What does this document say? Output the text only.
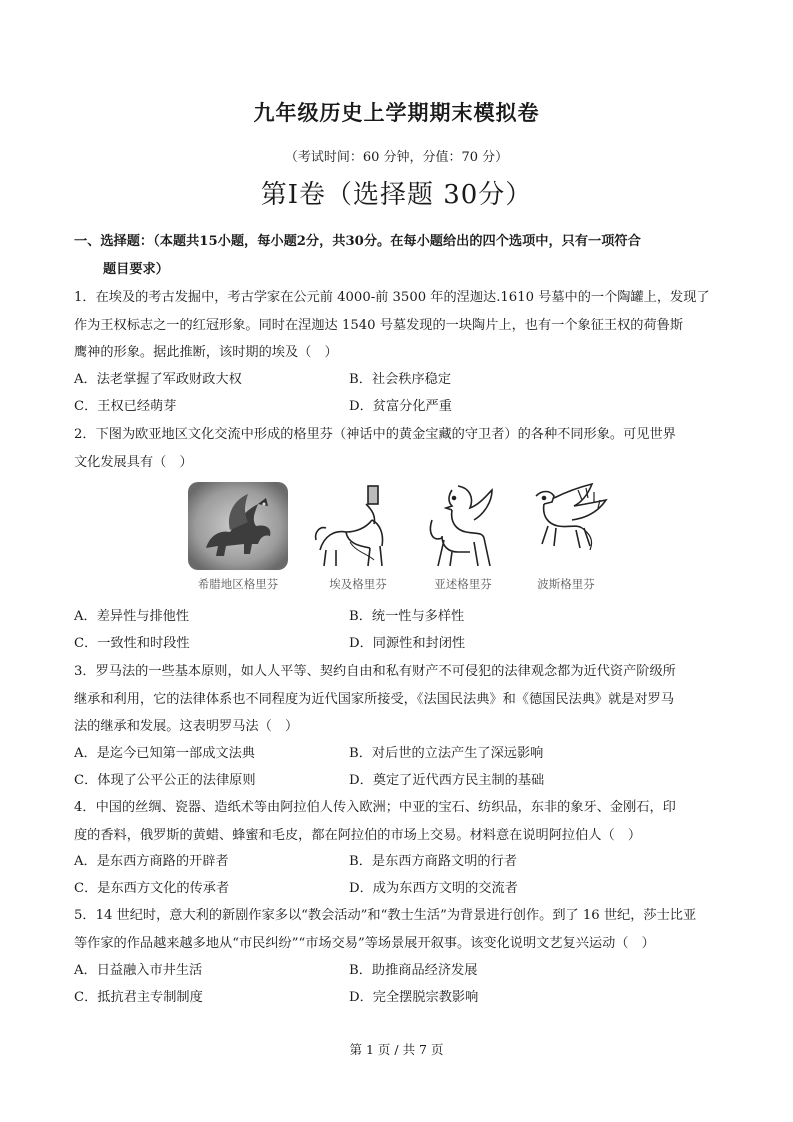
九年级历史上学期期末模拟卷
（考试时间：60 分钟，分值：70 分）
第I卷（选择题 30分）
一、选择题：（本题共15小题，每小题2分，共30分。在每小题给出的四个选项中，只有一项符合
题目要求）
1．在埃及的考古发掘中，考古学家在公元前 4000-前 3500 年的涅迦达.1610 号墓中的一个陶罐上，发现了
作为王权标志之一的红冠形象。同时在涅迦达 1540 号墓发现的一块陶片上，也有一个象征王权的荷鲁斯
鹰神的形象。据此推断，该时期的埃及（　）
A．法老掌握了军政财政大权	B．社会秩序稳定
C．王权已经萌芽	D．贫富分化严重
2．下图为欧亚地区文化交流中形成的格里芬（神话中的黄金宝藏的守卫者）的各种不同形象。可见世界
文化发展具有（　）
希腊地区格里芬	埃及格里芬	亚述格里芬	波斯格里芬
A．差异性与排他性	B．统一性与多样性
C．一致性和时段性	D．同源性和封闭性
3．罗马法的一些基本原则，如人人平等、契约自由和私有财产不可侵犯的法律观念都为近代资产阶级所
继承和利用，它的法律体系也不同程度为近代国家所接受，《法国民法典》和《德国民法典》就是对罗马
法的继承和发展。这表明罗马法（　）
A．是迄今已知第一部成文法典	B．对后世的立法产生了深远影响
C．体现了公平公正的法律原则	D．奠定了近代西方民主制的基础
4．中国的丝绸、瓷器、造纸术等由阿拉伯人传入欧洲；中亚的宝石、纺织品，东非的象牙、金刚石，印
度的香料，俄罗斯的黄蜡、蜂蜜和毛皮，都在阿拉伯的市场上交易。材料意在说明阿拉伯人（　）
A．是东西方商路的开辟者	B．是东西方商路文明的行者
C．是东西方文化的传承者	D．成为东西方文明的交流者
5．14 世纪时，意大利的新剧作家多以“教会活动”和“教士生活”为背景进行创作。到了 16 世纪，莎士比亚
等作家的作品越来越多地从“市民纠纷”“市场交易”等场景展开叙事。该变化说明文艺复兴运动（　）
A．日益融入市井生活	B．助推商品经济发展
C．抵抗君主专制制度	D．完全摆脱宗教影响
第 1 页 / 共 7 页
